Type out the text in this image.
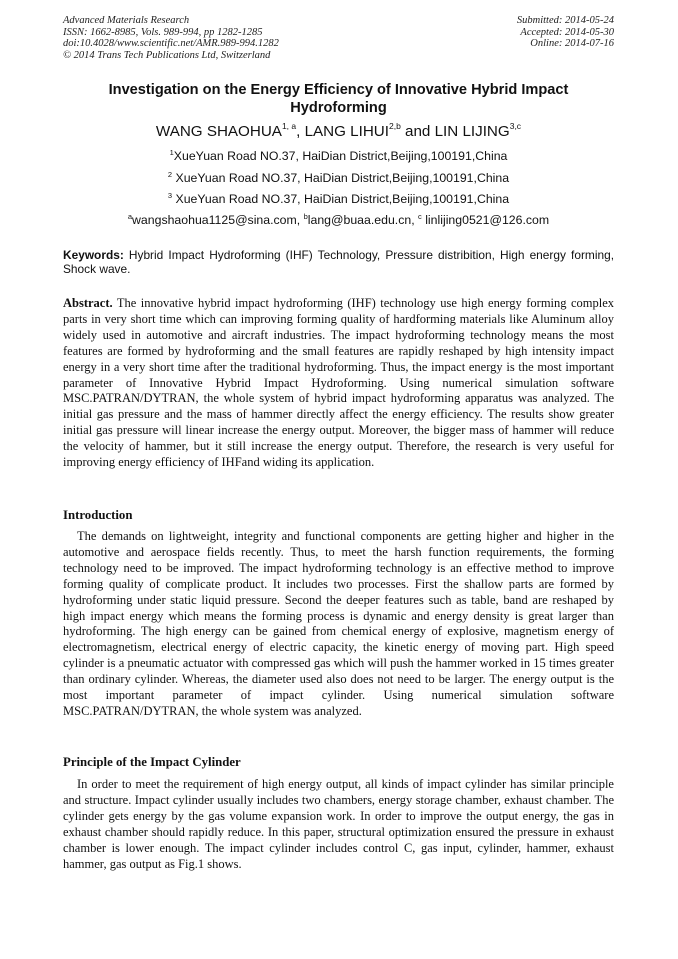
Advanced Materials Research
ISSN: 1662-8985, Vols. 989-994, pp 1282-1285
doi:10.4028/www.scientific.net/AMR.989-994.1282
© 2014 Trans Tech Publications Ltd, Switzerland
Submitted: 2014-05-24
Accepted: 2014-05-30
Online: 2014-07-16
Investigation on the Energy Efficiency of Innovative Hybrid Impact Hydroforming
WANG SHAOHUA$^{1, a}$, LANG LIHUI$^{2,b}$ and LIN LIJING$^{3,c}$
$^1$XueYuan Road NO.37, HaiDian District,Beijing,100191,China
$^2$ XueYuan Road NO.37, HaiDian District,Beijing,100191,China
$^3$ XueYuan Road NO.37, HaiDian District,Beijing,100191,China
$^a$wangshaohua1125@sina.com, $^b$lang@buaa.edu.cn, $^c$ linlijing0521@126.com
Keywords: Hybrid Impact Hydroforming (IHF) Technology, Pressure distribition, High energy forming, Shock wave.
Abstract. The innovative hybrid impact hydroforming (IHF) technology use high energy forming complex parts in very short time which can improving forming quality of hardforming materials like Aluminum alloy widely used in automotive and aircraft industries. The impact hydroforming technology means the most features are formed by hydroforming and the small features are rapidly reshaped by high intensity impact energy in a very short time after the traditional hydroforming. Thus, the impact energy is the most important parameter of Innovative Hybrid Impact Hydroforming. Using numerical simulation software MSC.PATRAN/DYTRAN, the whole system of hybrid impact hydroforming apparatus was analyzed. The initial gas pressure and the mass of hammer directly affect the energy efficiency. The results show greater initial gas pressure will linear increase the energy output. Moreover, the bigger mass of hammer will reduce the velocity of hammer, but it still increase the energy output. Therefore, the research is very useful for improving energy efficiency of IHFand widing its application.
Introduction
The demands on lightweight, integrity and functional components are getting higher and higher in the automotive and aerospace fields recently. Thus, to meet the harsh function requirements, the forming technology need to be improved. The impact hydroforming technology is an effective method to improve forming quality of complicate product. It includes two processes. First the shallow parts are formed by hydroforming under static liquid pressure. Second the deeper features such as table, band are reshaped by high impact energy which means the forming process is dynamic and energy density is great larger than hydroforming. The high energy can be gained from chemical energy of explosive, magnetism energy of electromagnetism, electrical energy of electric capacity, the kinetic energy of moving part. High speed cylinder is a pneumatic actuator with compressed gas which will push the hammer worked in 15 times greater than ordinary cylinder. Whereas, the diameter used also does not need to be larger. The energy output is the most important parameter of impact cylinder. Using numerical simulation software MSC.PATRAN/DYTRAN, the whole system was analyzed.
Principle of the Impact Cylinder
In order to meet the requirement of high energy output, all kinds of impact cylinder has similar principle and structure. Impact cylinder usually includes two chambers, energy storage chamber, exhaust chamber. The cylinder gets energy by the gas volume expansion work. In order to improve the output energy, the gas in exhaust chamber should rapidly reduce. In this paper, structural optimization ensured the pressure in exhaust chamber is lower enough. The impact cylinder includes control C, gas input, cylinder, hammer, exhaust hammer, gas output as Fig.1 shows.
